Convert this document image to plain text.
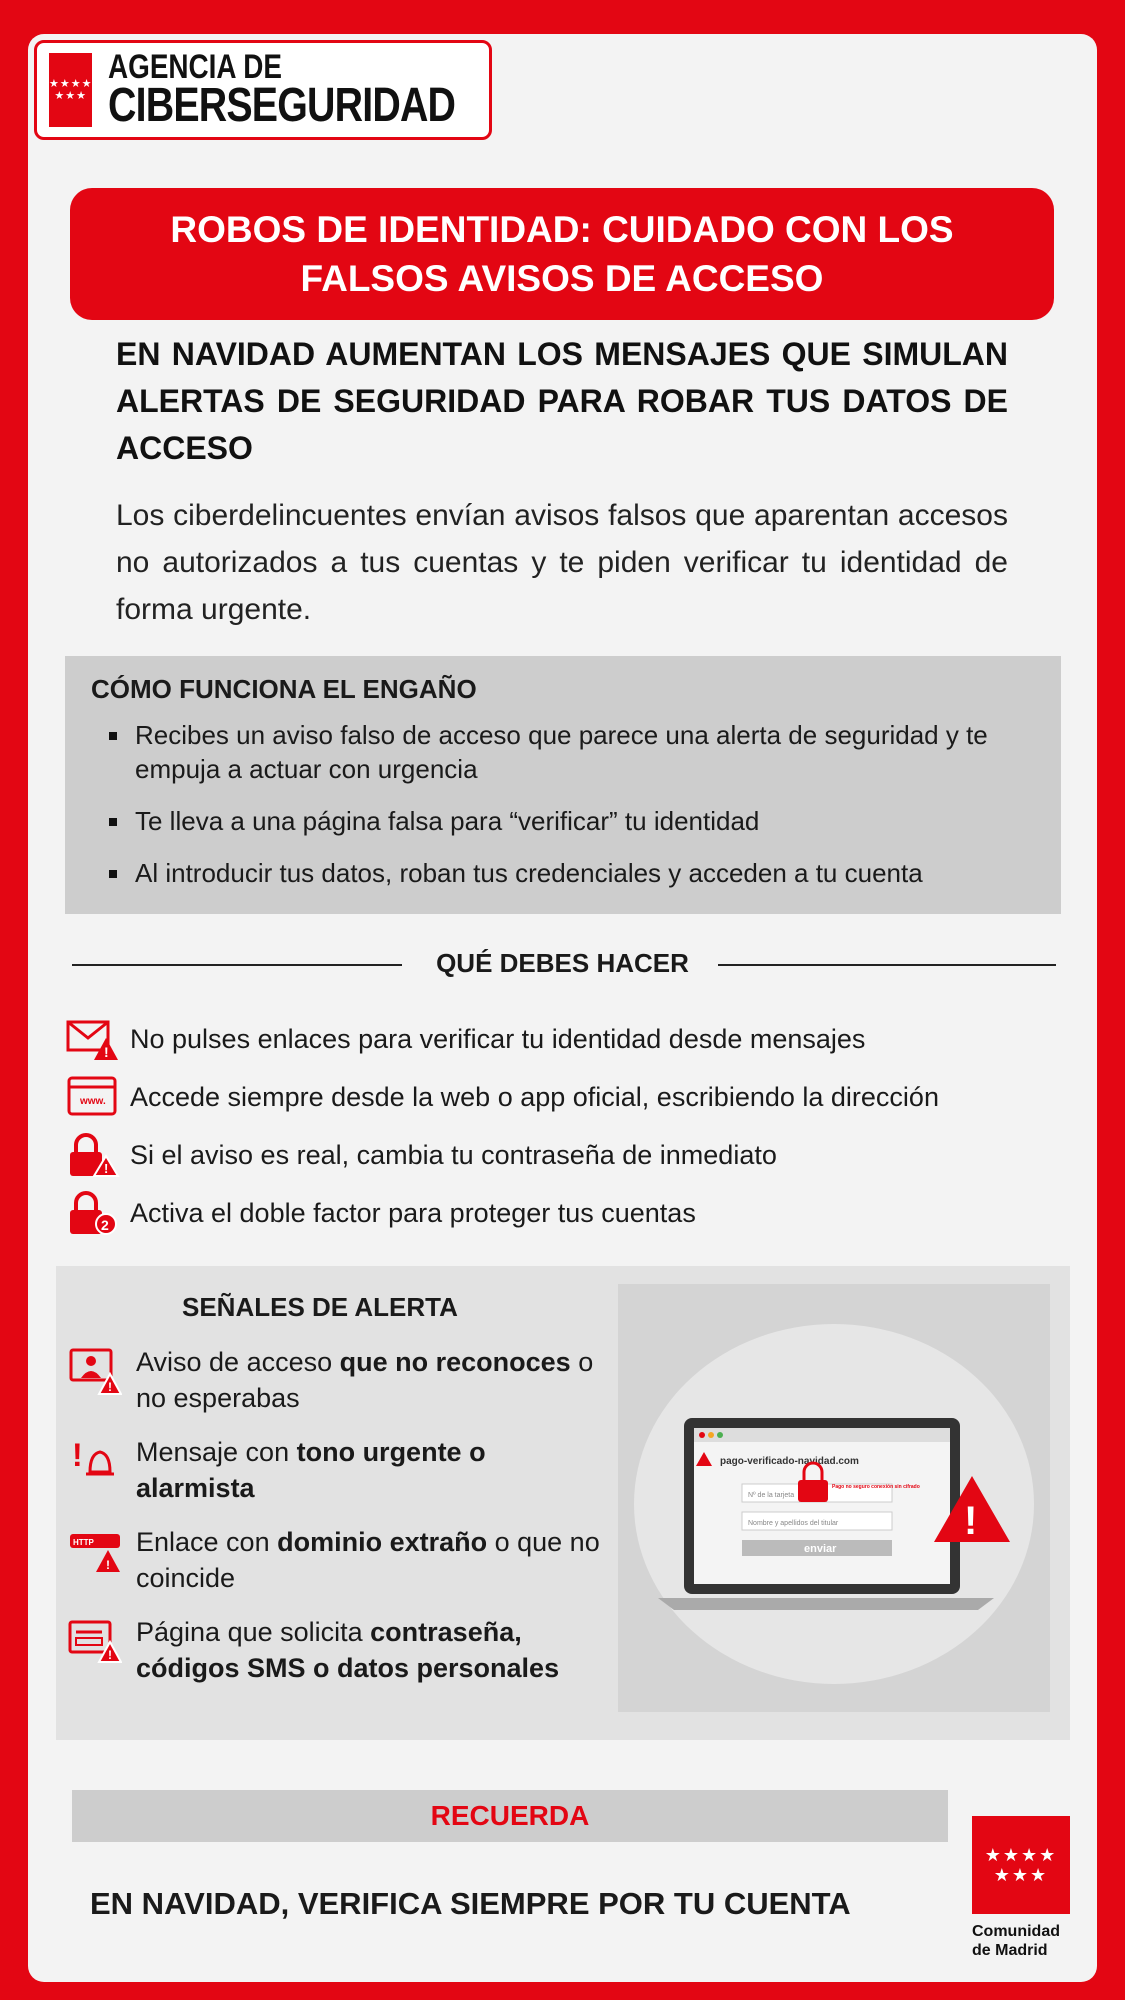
★★★★
★★★
AGENCIA DE
CIBERSEGURIDAD
ROBOS DE IDENTIDAD: CUIDADO CON LOS FALSOS AVISOS DE ACCESO
EN NAVIDAD AUMENTAN LOS MENSAJES QUE SIMULAN ALERTAS DE SEGURIDAD PARA ROBAR TUS DATOS DE ACCESO
Los ciberdelincuentes envían avisos falsos que aparentan accesos no autorizados a tus cuentas y te piden verificar tu identidad de forma urgente.
CÓMO FUNCIONA EL ENGAÑO
Recibes un aviso falso de acceso que parece una alerta de seguridad y te empuja a actuar con urgencia
Te lleva a una página falsa para “verificar” tu identidad
Al introducir tus datos, roban tus credenciales y acceden a tu cuenta
QUÉ DEBES HACER
! No pulses enlaces para verificar tu identidad desde mensajes
www. Accede siempre desde la web o app oficial, escribiendo la dirección
! Si el aviso es real, cambia tu contraseña de inmediato
2 Activa el doble factor para proteger tus cuentas
SEÑALES DE ALERTA
!
Aviso de acceso que no reconoces o no esperabas
! Mensaje con tono urgente o alarmista
HTTP
!
Enlace con dominio extraño o que no coincide
!
Página que solicita contraseña, códigos SMS o datos personales
pago-verificado-navidad.com
Nº de la tarjeta
Nombre y apellidos del titular
enviar
Pago no seguro conexión sin cifrado
!
RECUERDA
EN NAVIDAD, VERIFICA SIEMPRE POR TU CUENTA
★★★★
★★★
Comunidad
de Madrid
